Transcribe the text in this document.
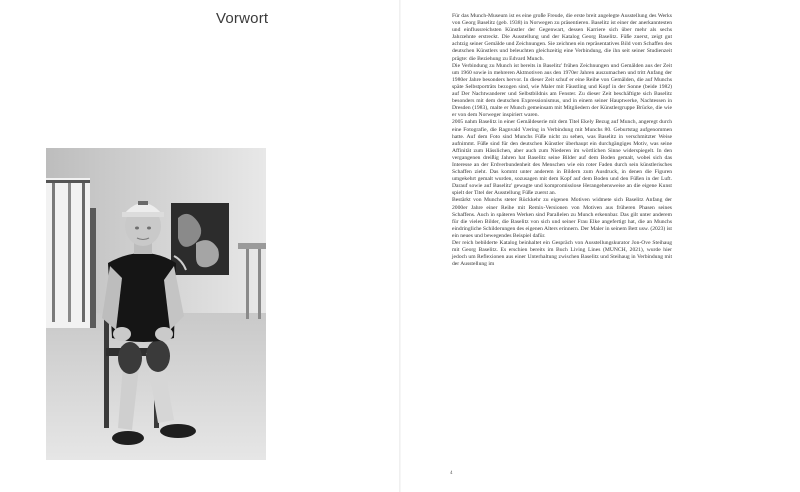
Vorwort	Für das Munch-Museum ist es eine große Freude, die erste breit angelegte Ausstellung des Werks von Georg Baselitz (geb. 1938) in Norwegen zu präsentieren. Baselitz ist einer der anerkanntesten und einflussreichsten Künstler der Gegenwart, dessen Karriere sich über mehr als sechs Jahrzehnte erstreckt. Die Ausstellung und der Katalog Georg Baselitz. Füße zuerst, zeigt gut achtzig seiner Gemälde und Zeichnungen. Sie zeichnen ein repräsentatives Bild vom Schaffen des deutschen Künstlers und beleuchten gleichzeitig eine Verbindung, die ihn seit seiner Studienzeit prägte: die Beziehung zu Edvard Munch.

Die Verbindung zu Munch ist bereits in Baselitz' frühen Zeichnungen und Gemälden aus der Zeit um 1960 sowie in mehreren Aktmotiven aus den 1970er Jahren auszumachen und tritt Anfang der 1980er Jahre besonders hervor. In dieser Zeit schuf er eine Reihe von Gemälden, die auf Munchs späte Selbstporträts bezogen sind, wie Maler mit Fäustling und Kopf in der Sonne (beide 1982) auf Der Nachtwanderer und Selbstbildnis am Fenster. Zu dieser Zeit beschäftigte sich Baselitz besonders mit dem deutschen Expressionismus, und in einem seiner Hauptwerke, Nachtessen in Dresden (1983), malte er Munch gemeinsam mit Mitgliedern der Künstlergruppe Brücke, die wie er von dem Norweger inspiriert waren.

2005 nahm Baselitz in einer Gemäldeserie mit dem Titel Ekely Bezug auf Munch, angeregt durch eine Fotografie, die Ragnvald Væring in Verbindung mit Munchs 80. Geburtstag aufgenommen hatte. Auf dem Foto sind Munchs Füße nicht zu sehen, was Baselitz in verschmitzter Weise aufnimmt. Füße sind für den deutschen Künstler überhaupt ein durchgängiges Motiv, was seine Affinität zum Hässlichen, aber auch zum Niederen im wörtlichen Sinne widerspiegelt. In den vergangenen dreißig Jahren hat Baselitz seine Bilder auf dem Boden gemalt, wobei sich das Interesse an der Erdverbundenheit des Menschen wie ein roter Faden durch sein künstlerisches Schaffen zieht. Das kommt unter anderem in Bildern zum Ausdruck, in denen die Figuren umgekehrt gemalt wurden, sozusagen mit dem Kopf auf dem Boden und den Füßen in der Luft. Darauf sowie auf Baselitz' gewagte und kompromisslose Herangehensweise an die eigene Kunst spielt der Titel der Ausstellung Füße zuerst an.

Bestärkt von Munchs steter Rückkehr zu eigenen Motiven widmete sich Baselitz Anfang der 2000er Jahre einer Reihe mit Remix-Versionen von Motiven aus früheren Phasen seines Schaffens. Auch in späteren Werken sind Parallelen zu Munch erkennbar. Das gilt unter anderem für die vielen Bilder, die Baselitz von sich und seiner Frau Elke angefertigt hat, die an Munchs eindringliche Schilderungen des eigenen Alters erinnern. Der Maler in seinem Bett usw. (2023) ist ein neues und bewegendes Beispiel dafür.

Der reich bebilderte Katalog beinhaltet ein Gespräch von Ausstellungskurator Jon-Ove Steihaug mit Georg Baselitz. Es erschien bereits im Buch Living Lines (MUNCH, 2021), wurde hier jedoch um Reflexionen aus einer Unterhaltung zwischen Baselitz und Steihaug in Verbindung mit der Ausstellung im

4
